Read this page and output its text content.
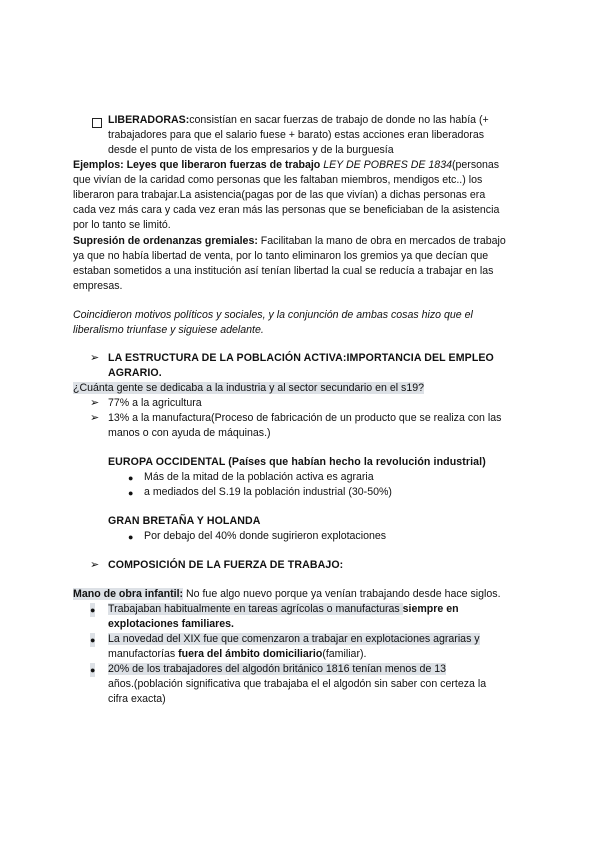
LIBERADORAS:consistían en sacar fuerzas de trabajo de donde no las había (+
trabajadores para que el salario fuese + barato) estas acciones eran liberadoras
desde el punto de vista de los empresarios y de la burguesía
Ejemplos: Leyes que liberaron fuerzas de trabajo LEY DE POBRES DE 1834(personas
que vivían de la caridad como personas que les faltaban miembros, mendigos etc..) los
liberaron para trabajar.La asistencia(pagas por de las que vivían) a dichas personas era
cada vez más cara y cada vez eran más las personas que se beneficiaban de la asistencia
por lo tanto se limitó.
Supresión de ordenanzas gremiales: Facilitaban la mano de obra en mercados de trabajo
ya que no había libertad de venta, por lo tanto eliminaron los gremios ya que decían que
estaban sometidos a una institución así tenían libertad la cual se reducía a trabajar en las
empresas.
Coincidieron motivos políticos y sociales, y la conjunción de ambas cosas hizo que el
liberalismo triunfase y siguiese adelante.
➢ LA ESTRUCTURA DE LA POBLACIÓN ACTIVA:IMPORTANCIA DEL EMPLEO
AGRARIO.
¿Cuánta gente se dedicaba a la industria y al sector secundario en el s19?
➢ 77% a la agricultura
➢ 13% a la manufactura(Proceso de fabricación de un producto que se realiza con las
manos o con ayuda de máquinas.)
EUROPA OCCIDENTAL (Países que habían hecho la revolución industrial)
● Más de la mitad de la población activa es agraria
● a mediados del S.19 la población industrial (30-50%)
GRAN BRETAÑA Y HOLANDA
● Por debajo del 40% donde sugirieron explotaciones
➢ COMPOSICIÓN DE LA FUERZA DE TRABAJO:
Mano de obra infantil: No fue algo nuevo porque ya venían trabajando desde hace siglos.
● Trabajaban habitualmente en tareas agrícolas o manufacturas siempre en
explotaciones familiares.
● La novedad del XIX fue que comenzaron a trabajar en explotaciones agrarias y
manufactorías fuera del ámbito domiciliario(familiar).
● 20% de los trabajadores del algodón británico 1816 tenían menos de 13
años.(población significativa que trabajaba el el algodón sin saber con certeza la
cifra exacta)
